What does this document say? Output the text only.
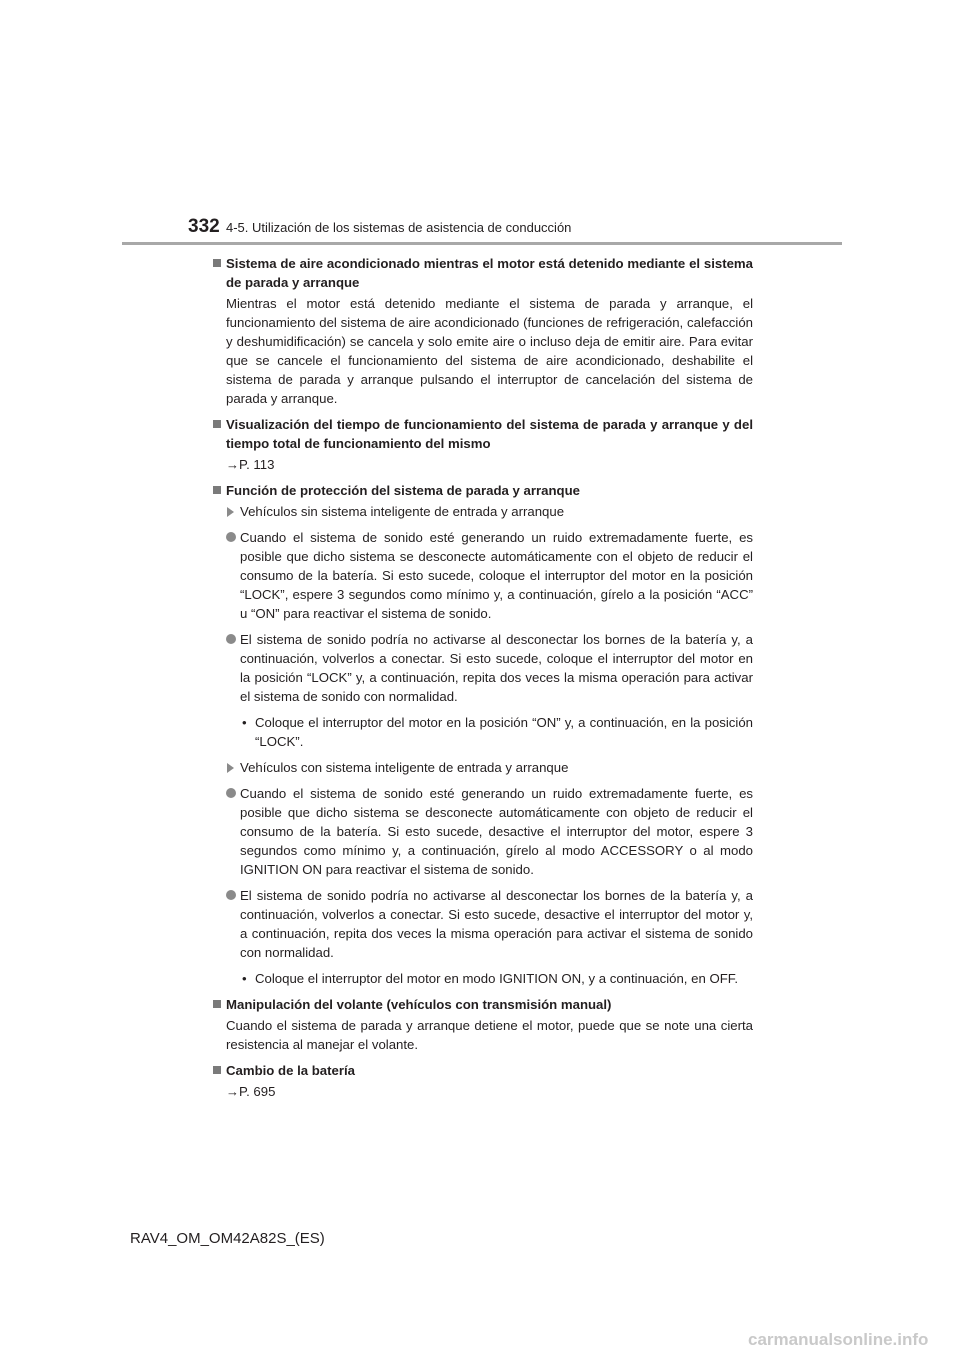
332 4-5. Utilización de los sistemas de asistencia de conducción
Sistema de aire acondicionado mientras el motor está detenido mediante el sistema de parada y arranque
Mientras el motor está detenido mediante el sistema de parada y arranque, el funcionamiento del sistema de aire acondicionado (funciones de refrigeración, calefacción y deshumidificación) se cancela y solo emite aire o incluso deja de emitir aire. Para evitar que se cancele el funcionamiento del sistema de aire acondicionado, deshabilite el sistema de parada y arranque pulsando el interruptor de cancelación del sistema de parada y arranque.
Visualización del tiempo de funcionamiento del sistema de parada y arranque y del tiempo total de funcionamiento del mismo
→P. 113
Función de protección del sistema de parada y arranque
Vehículos sin sistema inteligente de entrada y arranque
Cuando el sistema de sonido esté generando un ruido extremadamente fuerte, es posible que dicho sistema se desconecte automáticamente con el objeto de reducir el consumo de la batería. Si esto sucede, coloque el interruptor del motor en la posición “LOCK”, espere 3 segundos como mínimo y, a continuación, gírelo a la posición “ACC” u “ON” para reactivar el sistema de sonido.
El sistema de sonido podría no activarse al desconectar los bornes de la batería y, a continuación, volverlos a conectar. Si esto sucede, coloque el interruptor del motor en la posición “LOCK” y, a continuación, repita dos veces la misma operación para activar el sistema de sonido con normalidad.
• Coloque el interruptor del motor en la posición “ON” y, a continuación, en la posición “LOCK”.
Vehículos con sistema inteligente de entrada y arranque
Cuando el sistema de sonido esté generando un ruido extremadamente fuerte, es posible que dicho sistema se desconecte automáticamente con objeto de reducir el consumo de la batería. Si esto sucede, desactive el interruptor del motor, espere 3 segundos como mínimo y, a continuación, gírelo al modo ACCESSORY o al modo IGNITION ON para reactivar el sistema de sonido.
El sistema de sonido podría no activarse al desconectar los bornes de la batería y, a continuación, volverlos a conectar. Si esto sucede, desactive el interruptor del motor y, a continuación, repita dos veces la misma operación para activar el sistema de sonido con normalidad.
• Coloque el interruptor del motor en modo IGNITION ON, y a continuación, en OFF.
Manipulación del volante (vehículos con transmisión manual)
Cuando el sistema de parada y arranque detiene el motor, puede que se note una cierta resistencia al manejar el volante.
Cambio de la batería
→P. 695
RAV4_OM_OM42A82S_(ES)
carmanualsonline.info
